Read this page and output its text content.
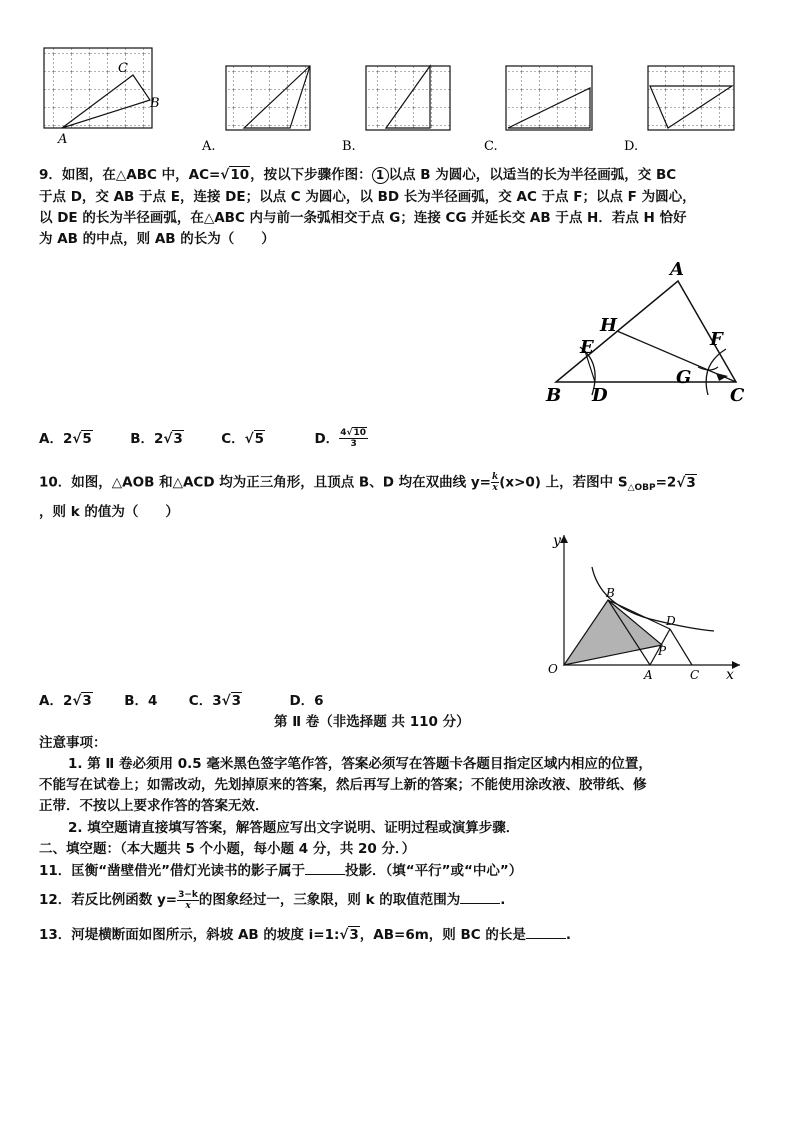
C
B
A	A.	B.	C.	D.
9．如图，在△ABC 中，AC=√10，按以下步骤作图： 1 以点 B 为圆心，以适当的长为半径画弧，交 BC
于点 D，交 AB 于点 E，连接 DE；以点 C 为圆心，以 BD 长为半径画弧，交 AC 于点 F；以点 F 为圆心，
以 DE 的长为半径画弧，在△ABC 内与前一条弧相交于点 G；连接 CG 并延长交 AB 于点 H．若点 H 恰好
为 AB 的中点，则 AB 的长为（　　）
A
H
E	F
G
B D	C
A．2√5	B．2√3	C．√5	D． $\frac{4√10}{3}$
10．如图，△AOB 和△ACD 均为正三角形，且顶点 B、D 均在双曲线 $y= \frac{k}{x} (x>0)$ 上，若图中 $S_{\triangle OBP}=2√3$
，则 k 的值为（　　）
y
B
D
P
O	A	C x
A．2√3 B．4 C．3√3	D．6
第 Ⅱ 卷（非选择题 共 110 分）
注意事项：
1. 第 Ⅱ 卷必须用 0.5 毫米黑色签字笔作答，答案必须写在答题卡各题目指定区域内相应的位置，
不能写在试卷上；如需改动，先划掉原来的答案，然后再写上新的答案；不能使用涂改液、胶带纸、修
正带．不按以上要求作答的答案无效．
2. 填空题请直接填写答案，解答题应写出文字说明、证明过程或演算步骤．
二、填空题：（本大题共 5 个小题，每小题 4 分，共 20 分．）
11．匡衡“凿壁借光”借灯光读书的影子属于	投影．（填“平行”或“中心”）
12．若反比例函数 $y= \frac{3-k}{x}$ 的图象经过一，三象限，则 k 的取值范围为	.
13．河堤横断面如图所示，斜坡 AB 的坡度 i=1:√3，AB=6m，则 BC 的长是	.
